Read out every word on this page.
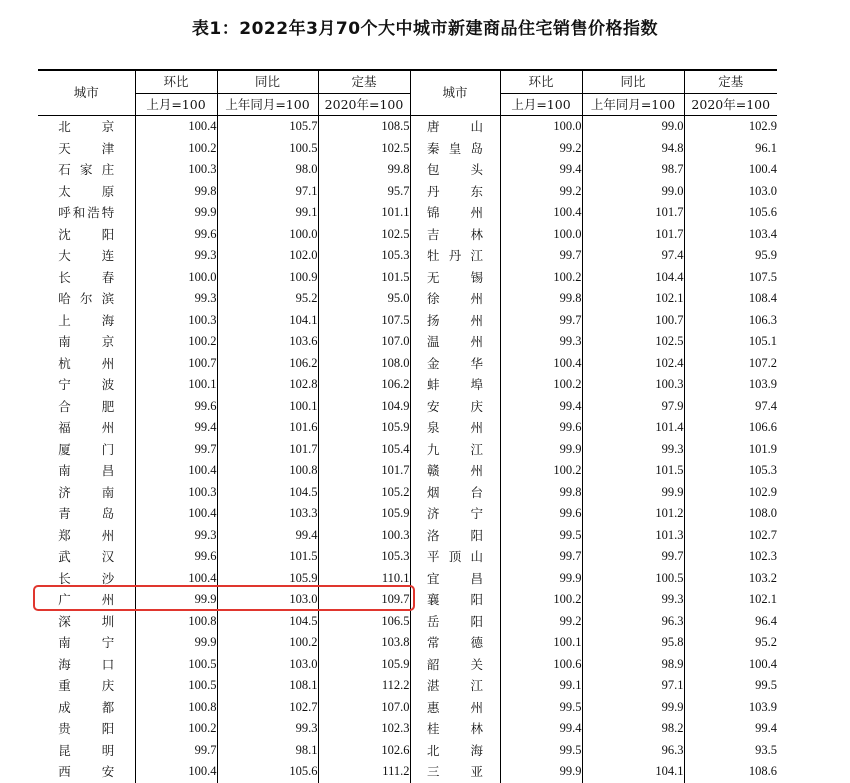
表1：2022年3月70个大中城市新建商品住宅销售价格指数
城市	环比	同比	定基	城市	环比	同比	定基
	上月=100	上年同月=100	2020年=100		上月=100	上年同月=100	2020年=100
北京	100.4	105.7	108.5	唐山	100.0	99.0	102.9
天津	100.2	100.5	102.5	秦皇岛	99.2	94.8	96.1
石家庄	100.3	98.0	99.8	包头	99.4	98.7	100.4
太原	99.8	97.1	95.7	丹东	99.2	99.0	103.0
呼和浩特	99.9	99.1	101.1	锦州	100.4	101.7	105.6
沈阳	99.6	100.0	102.5	吉林	100.0	101.7	103.4
大连	99.3	102.0	105.3	牡丹江	99.7	97.4	95.9
长春	100.0	100.9	101.5	无锡	100.2	104.4	107.5
哈尔滨	99.3	95.2	95.0	徐州	99.8	102.1	108.4
上海	100.3	104.1	107.5	扬州	99.7	100.7	106.3
南京	100.2	103.6	107.0	温州	99.3	102.5	105.1
杭州	100.7	106.2	108.0	金华	100.4	102.4	107.2
宁波	100.1	102.8	106.2	蚌埠	100.2	100.3	103.9
合肥	99.6	100.1	104.9	安庆	99.4	97.9	97.4
福州	99.4	101.6	105.9	泉州	99.6	101.4	106.6
厦门	99.7	101.7	105.4	九江	99.9	99.3	101.9
南昌	100.4	100.8	101.7	赣州	100.2	101.5	105.3
济南	100.3	104.5	105.2	烟台	99.8	99.9	102.9
青岛	100.4	103.3	105.9	济宁	99.6	101.2	108.0
郑州	99.3	99.4	100.3	洛阳	99.5	101.3	102.7
武汉	99.6	101.5	105.3	平顶山	99.7	99.7	102.3
长沙	100.4	105.9	110.1	宜昌	99.9	100.5	103.2
广州	99.9	103.0	109.7	襄阳	100.2	99.3	102.1
深圳	100.8	104.5	106.5	岳阳	99.2	96.3	96.4
南宁	99.9	100.2	103.8	常德	100.1	95.8	95.2
海口	100.5	103.0	105.9	韶关	100.6	98.9	100.4
重庆	100.5	108.1	112.2	湛江	99.1	97.1	99.5
成都	100.8	102.7	107.0	惠州	99.5	99.9	103.9
贵阳	100.2	99.3	102.3	桂林	99.4	98.2	99.4
昆明	99.7	98.1	102.6	北海	99.5	96.3	93.5
西安	100.4	105.6	111.2	三亚	99.9	104.1	108.6
